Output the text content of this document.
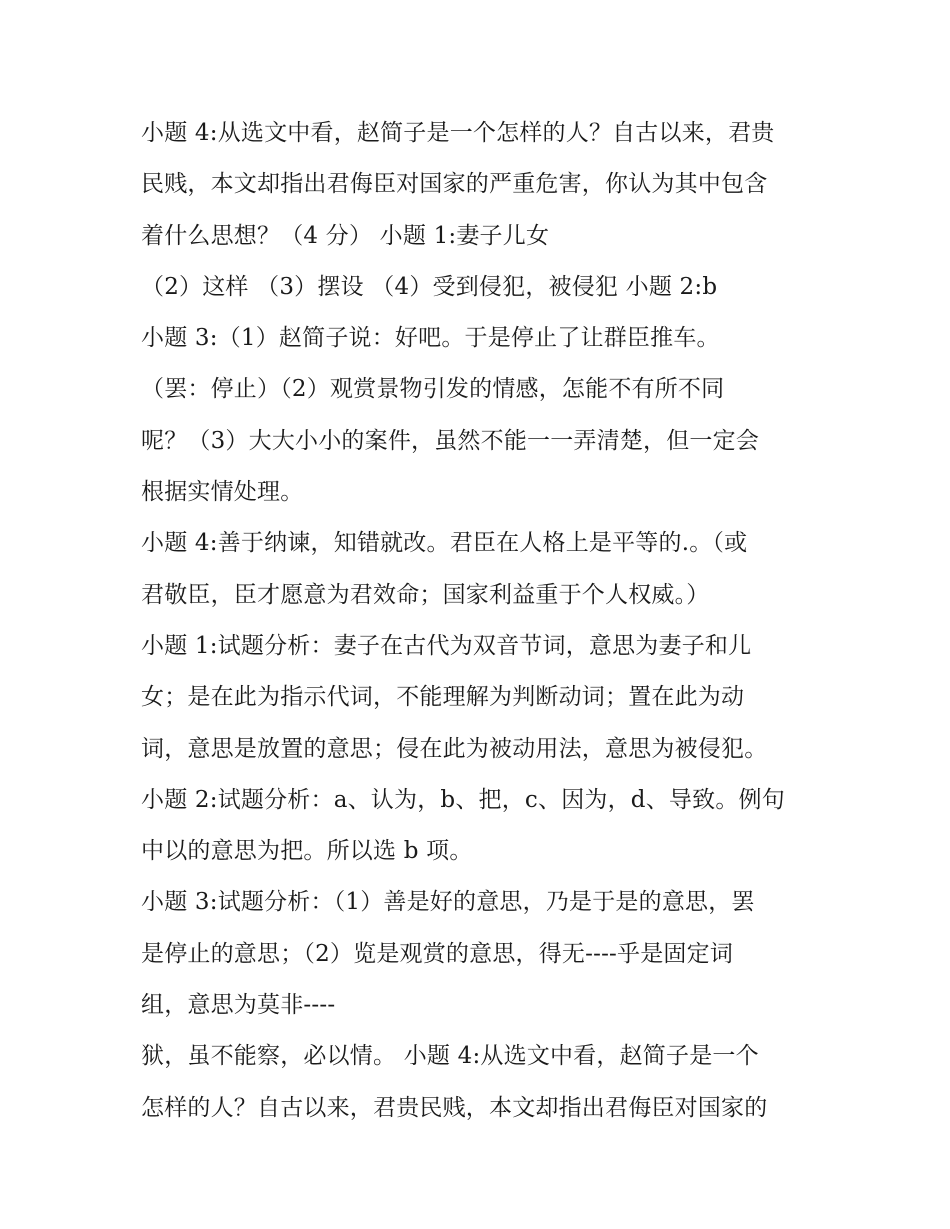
小题 4:从选文中看，赵简子是一个怎样的人？自古以来，君贵
民贱，本文却指出君侮臣对国家的严重危害，你认为其中包含
着什么思想？（4 分） 小题 1:妻子儿女
（2）这样 （3）摆设 （4）受到侵犯，被侵犯 小题 2:b
小题 3:（1）赵简子说：好吧。于是停止了让群臣推车。
（罢：停止）（2）观赏景物引发的情感，怎能不有所不同
呢？（3）大大小小的案件，虽然不能一一弄清楚，但一定会
根据实情处理。
小题 4:善于纳谏，知错就改。君臣在人格上是平等的.。（或
君敬臣，臣才愿意为君效命；国家利益重于个人权威。）
小题 1:试题分析：妻子在古代为双音节词，意思为妻子和儿
女；是在此为指示代词，不能理解为判断动词；置在此为动
词，意思是放置的意思；侵在此为被动用法，意思为被侵犯。
小题 2:试题分析：a、认为，b、把，c、因为，d、导致。例句
中以的意思为把。所以选 b 项。
小题 3:试题分析：（1）善是好的意思，乃是于是的意思，罢
是停止的意思；（2）览是观赏的意思，得无----乎是固定词
组，意思为莫非----
狱，虽不能察，必以情。 小题 4:从选文中看，赵简子是一个
怎样的人？自古以来，君贵民贱，本文却指出君侮臣对国家的
